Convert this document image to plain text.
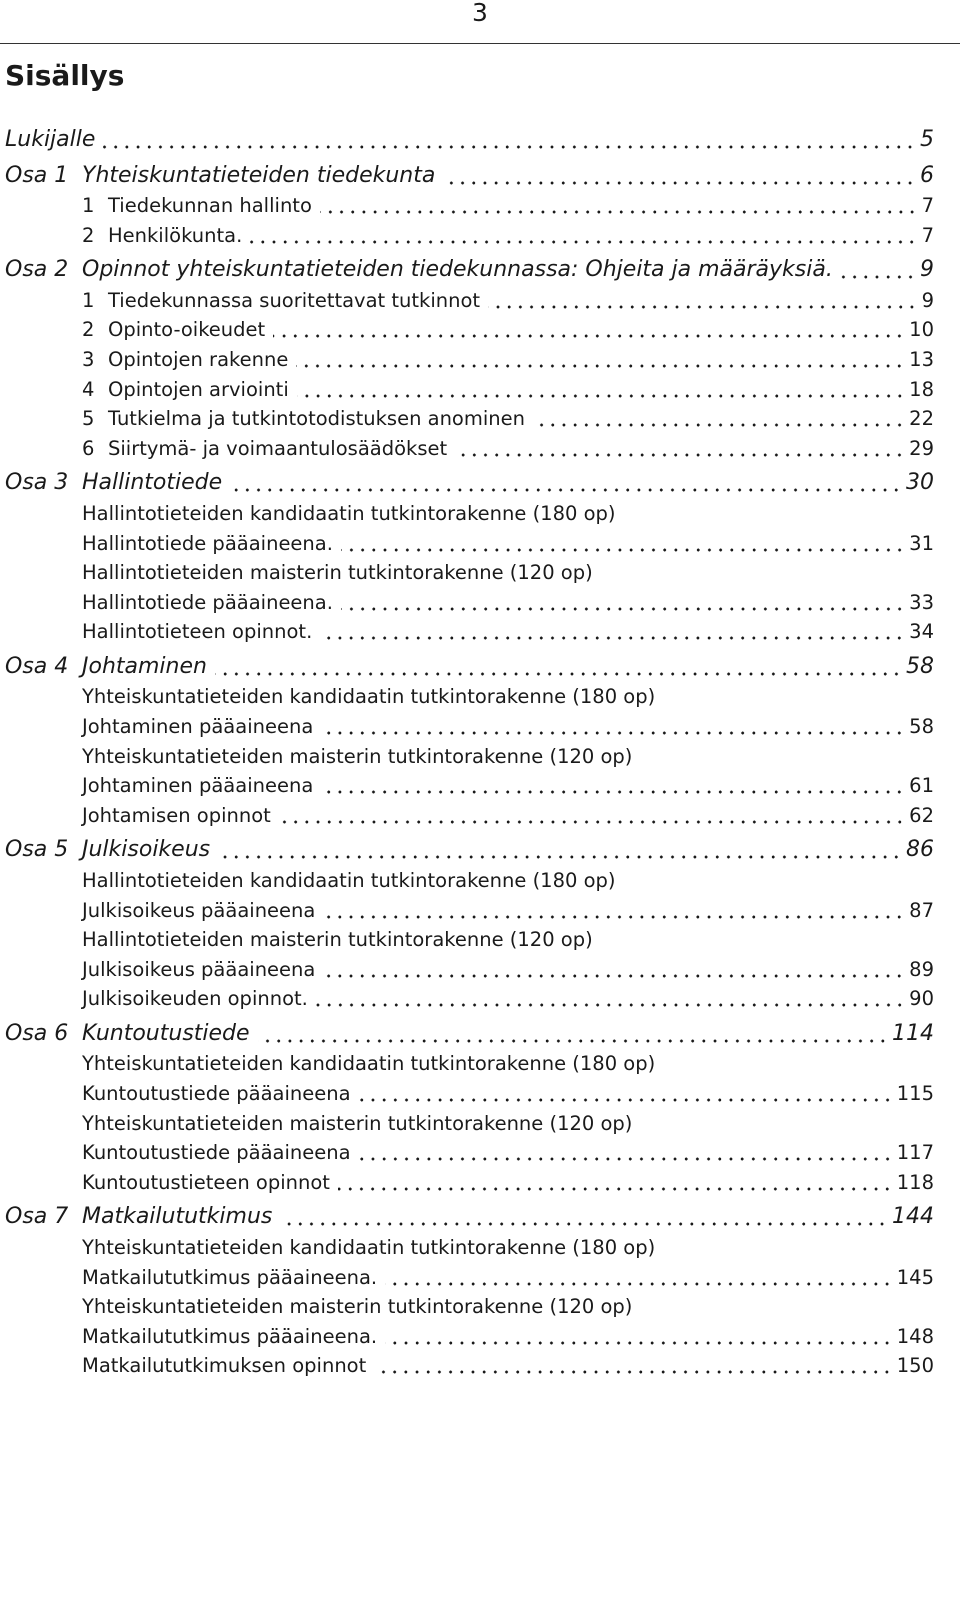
3
Sisällys
Lukijalle	5
Osa 1 Yhteiskuntatieteiden tiedekunta	6
1 Tiedekunnan hallinto	7
2 Henkilökunta.	7
Osa 2 Opinnot yhteiskuntatieteiden tiedekunnassa: Ohjeita ja määräyksiä.	9
1 Tiedekunnassa suoritettavat tutkinnot	9
2 Opinto-oikeudet	10
3 Opintojen rakenne	13
4 Opintojen arviointi	18
5 Tutkielma ja tutkintotodistuksen anominen	22
6 Siirtymä- ja voimaantulosäädökset	29
Osa 3 Hallintotiede	30
Hallintotieteiden kandidaatin tutkintorakenne (180 op)
Hallintotiede pääaineena.	31
Hallintotieteiden maisterin tutkintorakenne (120 op)
Hallintotiede pääaineena.	33
Hallintotieteen opinnot.	34
Osa 4 Johtaminen	58
Yhteiskuntatieteiden kandidaatin tutkintorakenne (180 op)
Johtaminen pääaineena	58
Yhteiskuntatieteiden maisterin tutkintorakenne (120 op)
Johtaminen pääaineena	61
Johtamisen opinnot	62
Osa 5 Julkisoikeus	86
Hallintotieteiden kandidaatin tutkintorakenne (180 op)
Julkisoikeus pääaineena	87
Hallintotieteiden maisterin tutkintorakenne (120 op)
Julkisoikeus pääaineena	89
Julkisoikeuden opinnot.	90
Osa 6 Kuntoutustiede	114
Yhteiskuntatieteiden kandidaatin tutkintorakenne (180 op)
Kuntoutustiede pääaineena	115
Yhteiskuntatieteiden maisterin tutkintorakenne (120 op)
Kuntoutustiede pääaineena	117
Kuntoutustieteen opinnot	118
Osa 7 Matkailututkimus	144
Yhteiskuntatieteiden kandidaatin tutkintorakenne (180 op)
Matkailututkimus pääaineena.	145
Yhteiskuntatieteiden maisterin tutkintorakenne (120 op)
Matkailututkimus pääaineena.	148
Matkailututkimuksen opinnot	150
